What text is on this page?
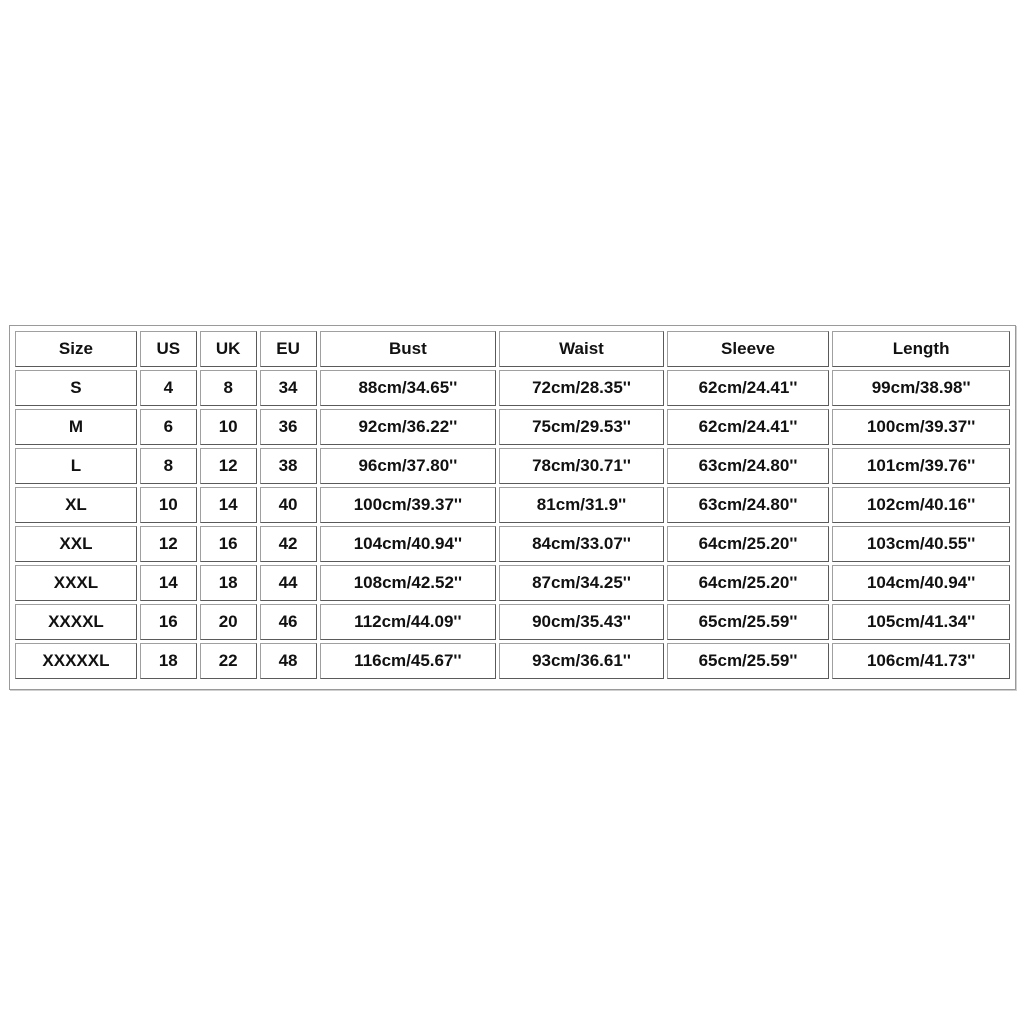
Size	US	UK	EU	Bust	Waist	Sleeve	Length
S	4	8	34	88cm/34.65''	72cm/28.35''	62cm/24.41''	99cm/38.98''
M	6	10	36	92cm/36.22''	75cm/29.53''	62cm/24.41''	100cm/39.37''
L	8	12	38	96cm/37.80''	78cm/30.71''	63cm/24.80''	101cm/39.76''
XL	10	14	40	100cm/39.37''	81cm/31.9''	63cm/24.80''	102cm/40.16''
XXL	12	16	42	104cm/40.94''	84cm/33.07''	64cm/25.20''	103cm/40.55''
XXXL	14	18	44	108cm/42.52''	87cm/34.25''	64cm/25.20''	104cm/40.94''
XXXXL	16	20	46	112cm/44.09''	90cm/35.43''	65cm/25.59''	105cm/41.34''
XXXXXL	18	22	48	116cm/45.67''	93cm/36.61''	65cm/25.59''	106cm/41.73''
